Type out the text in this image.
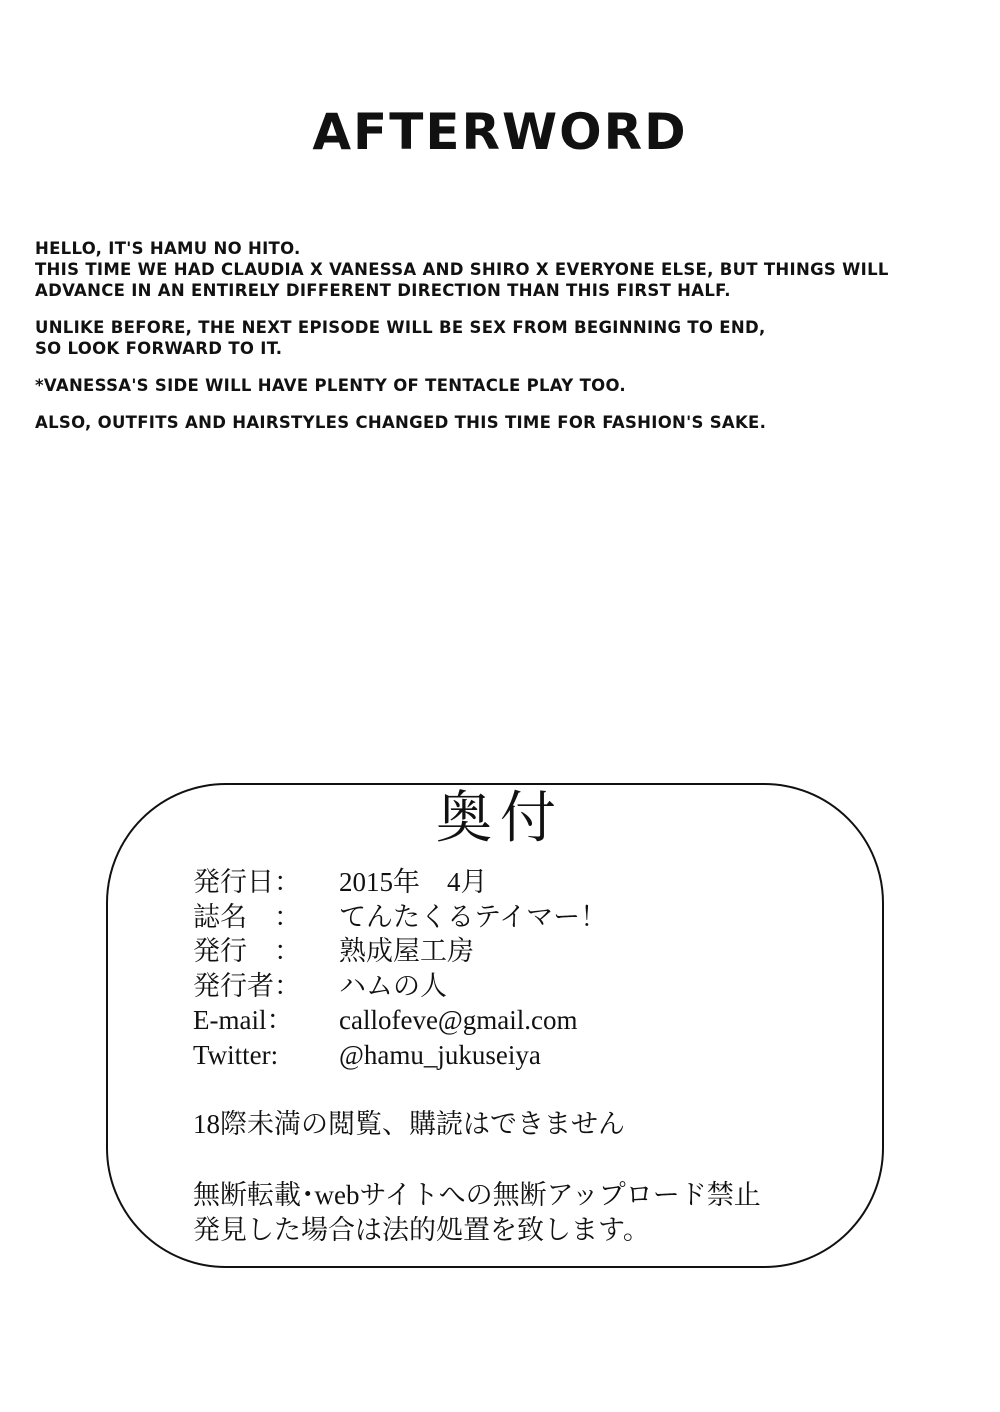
AFTERWORD

HELLO, IT'S HAMU NO HITO.
THIS TIME WE HAD CLAUDIA X VANESSA AND SHIRO X EVERYONE ELSE, BUT THINGS WILL ADVANCE IN AN ENTIRELY DIFFERENT DIRECTION THAN THIS FIRST HALF.

UNLIKE BEFORE, THE NEXT EPISODE WILL BE SEX FROM BEGINNING TO END,
SO LOOK FORWARD TO IT.

*VANESSA'S SIDE WILL HAVE PLENTY OF TENTACLE PLAY TOO.

ALSO, OUTFITS AND HAIRSTYLES CHANGED THIS TIME FOR FASHION'S SAKE.

奥付
発行日：	2015年　4月
誌名　：	てんたくるテイマー！
発行　：	熟成屋工房
発行者：	ハムの人
E-mail：	callofeve@gmail.com
Twitter:	@hamu_jukuseiya
18際未満の閲覧、購読はできません
無断転載･webサイトへの無断アップロード禁止
発見した場合は法的処置を致します。
